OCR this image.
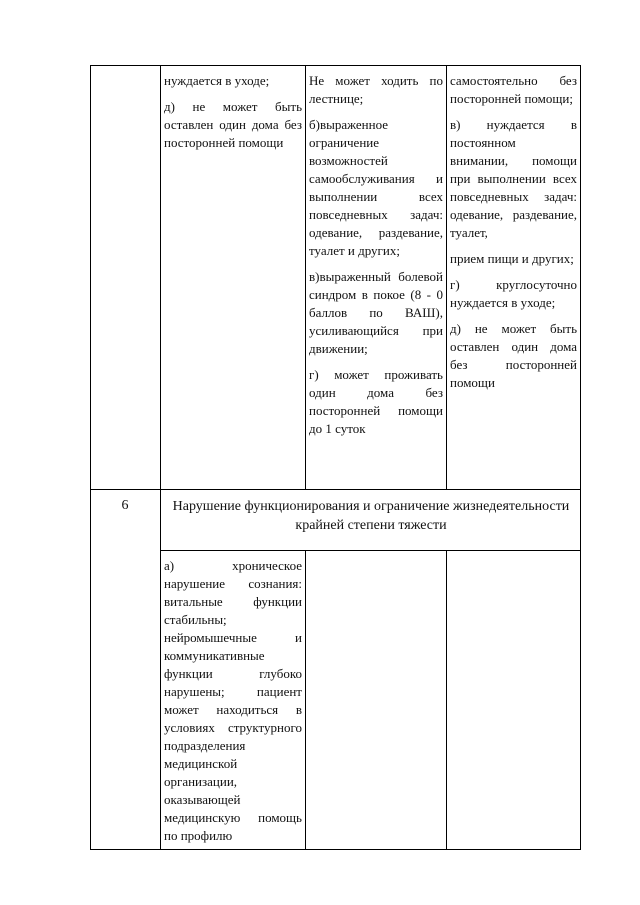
нуждается в уходе;

д) не может быть оставлен один дома без посторонней помощи

Не может ходить по лестнице;

б)выраженное ограничение возможностей самообслуживания и выполнении всех повседневных задач: одевание, раздевание, туалет и других;

в)выраженный болевой синдром в покое (8 - 0 баллов по ВАШ), усиливающийся при движении;

г) может проживать один дома без посторонней помощи до 1 суток

самостоятельно без посторонней помощи;

в) нуждается в постоянном внимании, помощи при выполнении всех повседневных задач: одевание, раздевание, туалет,

прием пищи и других;

г) круглосуточно нуждается в уходе;

д) не может быть оставлен один дома без посторонней помощи

6	Нарушение функционирования и ограничение жизнедеятельности крайней степени тяжести

а) хроническое нарушение сознания: витальные функции стабильны; нейромышечные и коммуникативные функции глубоко нарушены; пациент может находиться в условиях структурного подразделения медицинской организации, оказывающей медицинскую помощь по профилю
